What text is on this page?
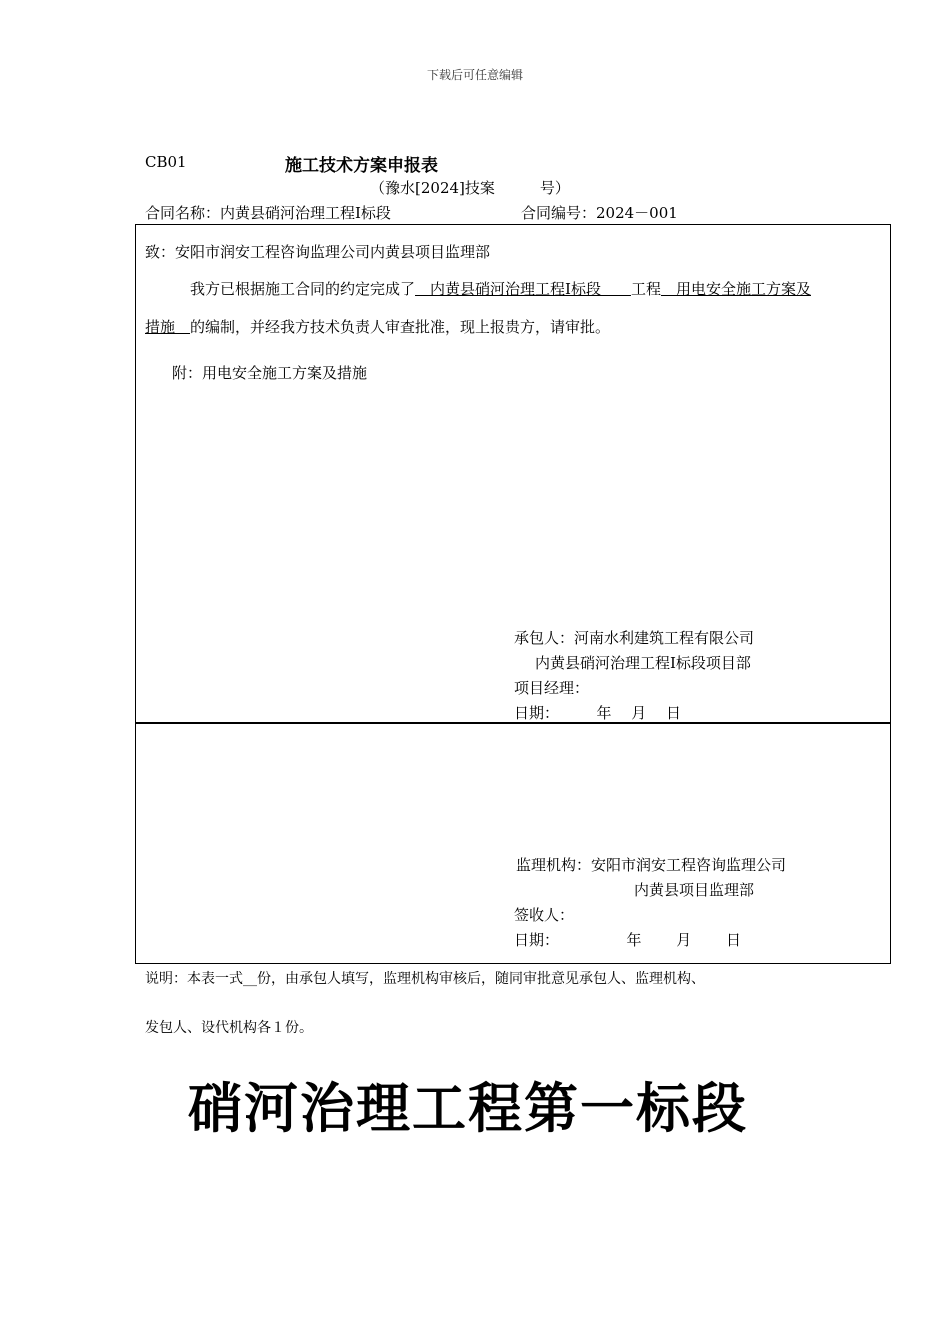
下载后可任意编辑
CB01	施工技术方案申报表
（豫水[2024]技案　　　号）
合同名称：内黄县硝河治理工程Ⅰ标段	合同编号：2024－001
致：安阳市润安工程咨询监理公司内黄县项目监理部
我方已根据施工合同的约定完成了　内黄县硝河治理工程Ⅰ标段　　工程　用电安全施工方案及
措施　的编制，并经我方技术负责人审查批准，现上报贵方，请审批。
附：用电安全施工方案及措施
承包人：河南水利建筑工程有限公司
内黄县硝河治理工程Ⅰ标段项目部
项目经理：
日期：　　　年　 月　 日
监理机构：安阳市润安工程咨询监理公司
内黄县项目监理部
签收人：
日期：　　　　　年　　 月　　 日
说明：本表一式__份，由承包人填写，监理机构审核后，随同审批意见承包人、监理机构、
发包人、设代机构各１份。
硝河治理工程第一标段
